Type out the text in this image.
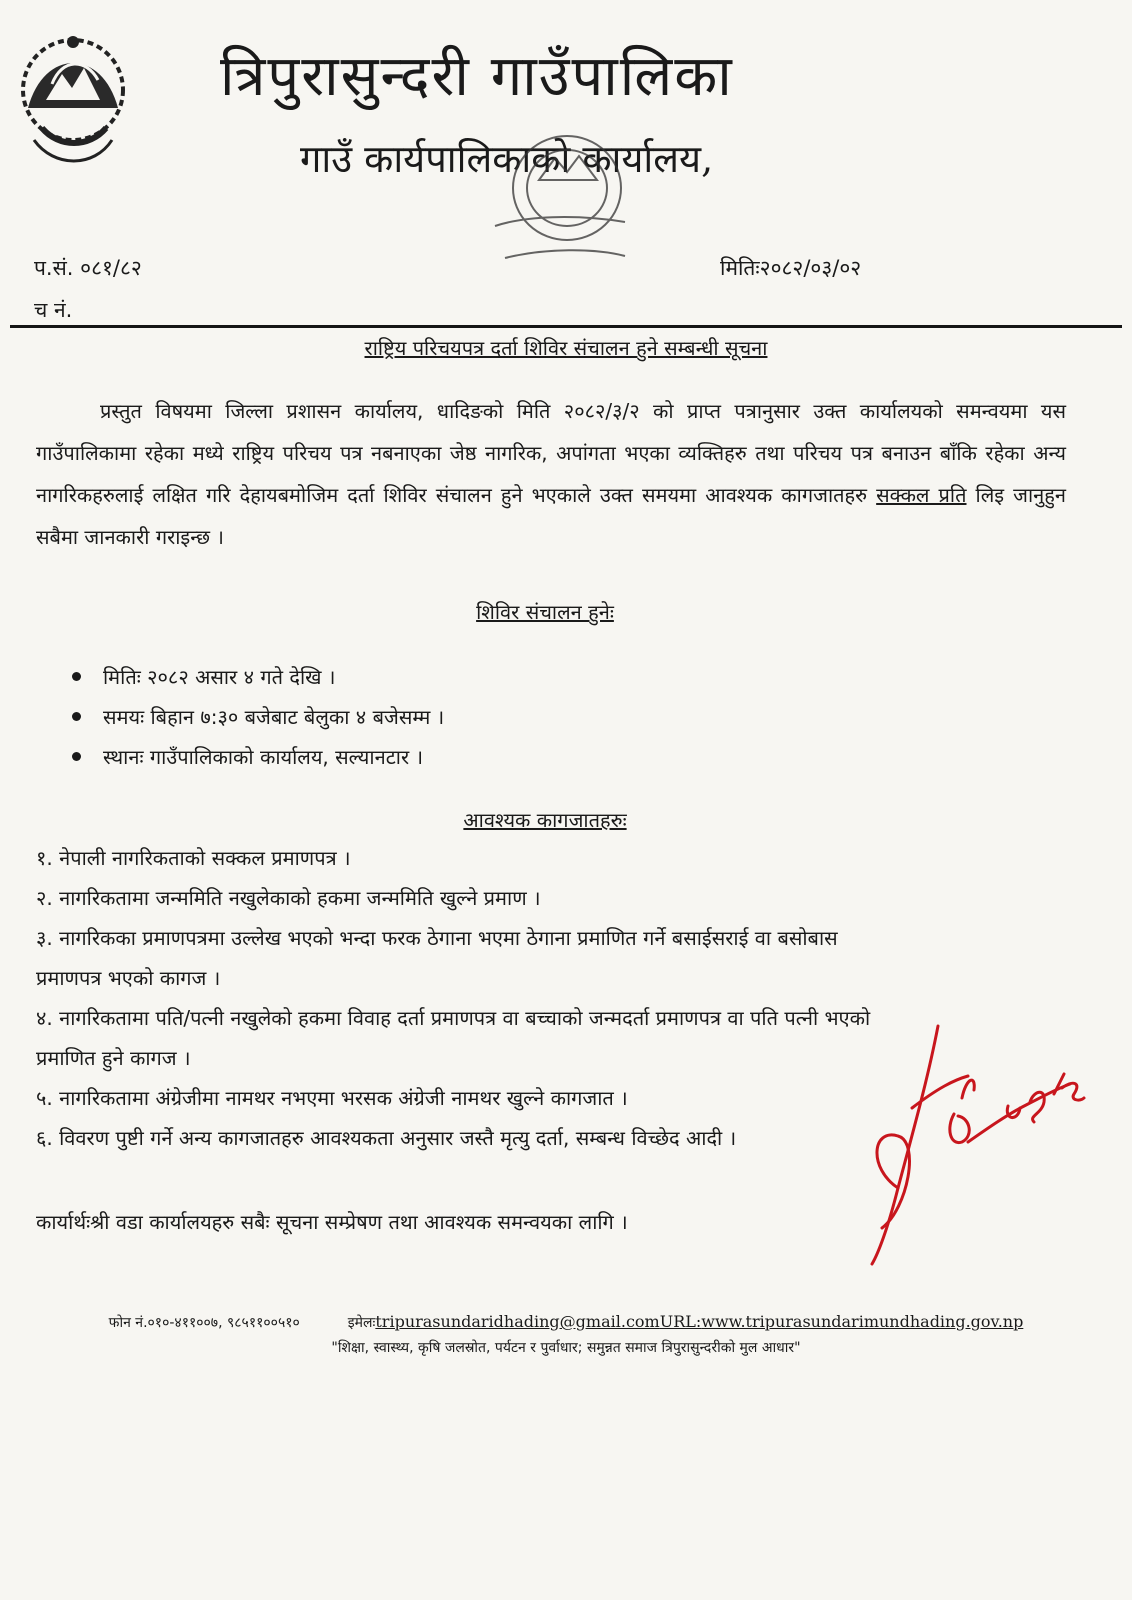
त्रिपुरासुन्दरी गाउँपालिका
गाउँ कार्यपालिकाको कार्यालय,
प.सं. ०८१/८२
च नं.
मितिः२०८२/०३/०२
राष्ट्रिय परिचयपत्र दर्ता शिविर संचालन हुने सम्बन्धी सूचना
प्रस्तुत विषयमा जिल्ला प्रशासन कार्यालय, धादिङको मिति २०८२/३/२ को प्राप्त पत्रानुसार उक्त कार्यालयको समन्वयमा यस गाउँपालिकामा रहेका मध्ये राष्ट्रिय परिचय पत्र नबनाएका जेष्ठ नागरिक, अपांगता भएका व्यक्तिहरु तथा परिचय पत्र बनाउन बाँकि रहेका अन्य नागरिकहरुलाई लक्षित गरि देहायबमोजिम दर्ता शिविर संचालन हुने भएकाले उक्त समयमा आवश्यक कागजातहरु सक्कल प्रति लिइ जानुहुन सबैमा जानकारी गराइन्छ ।
शिविर संचालन हुनेः
मितिः २०८२ असार ४ गते देखि ।
समयः बिहान ७:३० बजेबाट बेलुका ४ बजेसम्म ।
स्थानः गाउँपालिकाको कार्यालय, सल्यानटार ।
आवश्यक कागजातहरुः
१. नेपाली नागरिकताको सक्कल प्रमाणपत्र ।
२. नागरिकतामा जन्ममिति नखुलेकाको हकमा जन्ममिति खुल्ने प्रमाण ।
३. नागरिकका प्रमाणपत्रमा उल्लेख भएको भन्दा फरक ठेगाना भएमा ठेगाना प्रमाणित गर्ने बसाईसराई वा बसोबास
प्रमाणपत्र भएको कागज ।
४. नागरिकतामा पति/पत्नी नखुलेको हकमा विवाह दर्ता प्रमाणपत्र वा बच्चाको जन्मदर्ता प्रमाणपत्र वा पति पत्नी भएको
प्रमाणित हुने कागज ।
५. नागरिकतामा अंग्रेजीमा नामथर नभएमा भरसक अंग्रेजी नामथर खुल्ने कागजात ।
६. विवरण पुष्टी गर्ने अन्य कागजातहरु आवश्यकता अनुसार जस्तै मृत्यु दर्ता, सम्बन्ध विच्छेद आदी ।
कार्यार्थःश्री वडा कार्यालयहरु सबैः सूचना सम्प्रेषण तथा आवश्यक समन्वयका लागि ।
फोन नं.०१०-४११००७, ९८५११००५१०	इमेलःtripurasundaridhading@gmail.comURL:www.tripurasundarimundhading.gov.np
"शिक्षा, स्वास्थ्य, कृषि जलस्रोत, पर्यटन र पुर्वाधार; समुन्नत समाज त्रिपुरासुन्दरीको मुल आधार"
